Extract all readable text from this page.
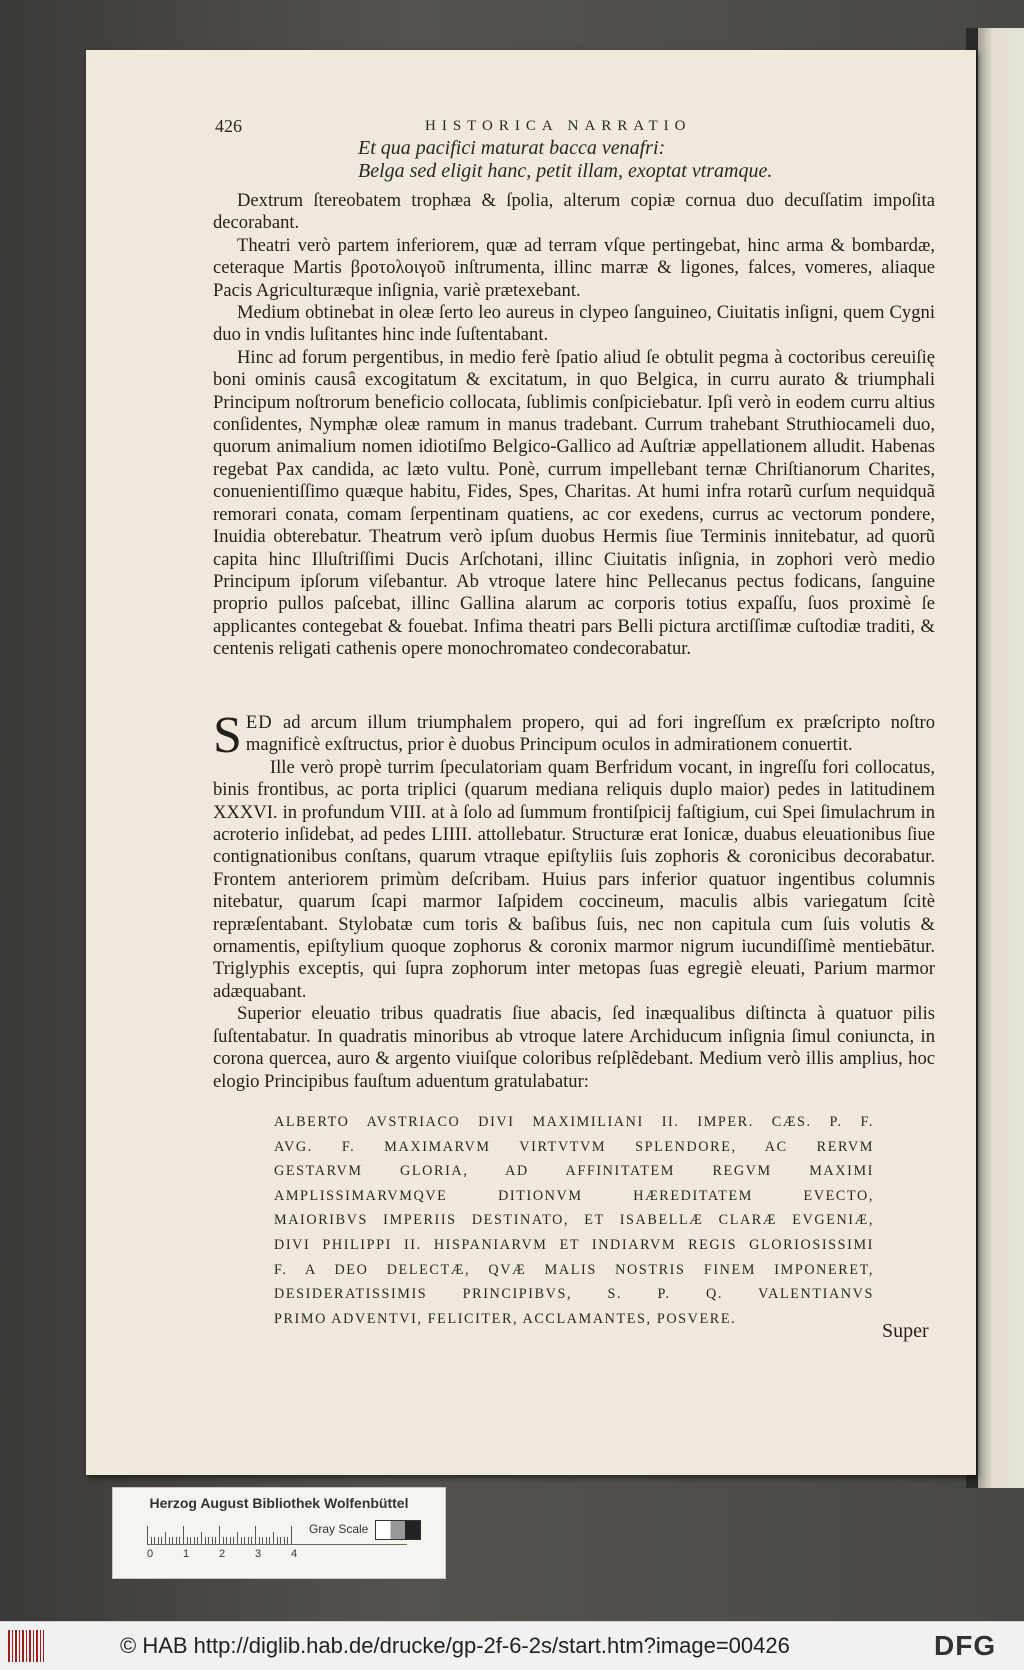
426	HISTORICA NARRATIO
Et qua pacifici maturat bacca venafri:
Belga sed eligit hanc, petit illam, exoptat vtramque.

Dextrum ſtereobatem trophæa & ſpolia, alterum copiæ cornua duo decuſſatim impoſita decorabant.

Theatri verò partem inferiorem, quæ ad terram vſque pertingebat, hinc arma & bombardæ, ceteraque Martis βροτολοιγοῦ inſtrumenta, illinc marræ & ligones, falces, vomeres, aliaque Pacis Agriculturæque inſignia, variè prætexebant.

Medium obtinebat in oleæ ſerto leo aureus in clypeo ſanguineo, Ciuitatis inſigni, quem Cygni duo in vndis luſitantes hinc inde ſuſtentabant.

Hinc ad forum pergentibus, in medio ferè ſpatio aliud ſe obtulit pegma à coctoribus cereuiſię boni ominis causâ excogitatum & excitatum, in quo Belgica, in curru aurato & triumphali Principum noſtrorum beneficio collocata, ſublimis conſpiciebatur. Ipſi verò in eodem curru altius conſidentes, Nymphæ oleæ ramum in manus tradebant. Currum trahebant Struthiocameli duo, quorum animalium nomen idiotiſmo Belgico-Gallico ad Auſtriæ appellationem alludit. Habenas regebat Pax candida, ac læto vultu. Ponè, currum impellebant ternæ Chriſtianorum Charites, conuenientiſſimo quæque habitu, Fides, Spes, Charitas. At humi infra rotarũ curſum nequidquã remorari conata, comam ſerpentinam quatiens, ac cor exedens, currus ac vectorum pondere, Inuidia obterebatur. Theatrum verò ipſum duobus Hermis ſiue Terminis innitebatur, ad quorũ capita hinc Illuſtriſſimi Ducis Arſchotani, illinc Ciuitatis inſignia, in zophori verò medio Principum ipſorum viſebantur. Ab vtroque latere hinc Pellecanus pectus fodicans, ſanguine proprio pullos paſcebat, illinc Gallina alarum ac corporis totius expaſſu, ſuos proximè ſe applicantes contegebat & fouebat. Infima theatri pars Belli pictura arctiſſimæ cuſtodiæ traditi, & centenis religati cathenis opere monochromateo condecorabatur.

SED ad arcum illum triumphalem propero, qui ad fori ingreſſum ex præſcripto noſtro magnificè exſtructus, prior è duobus Principum oculos in admirationem conuertit.

Ille verò propè turrim ſpeculatoriam quam Berfridum vocant, in ingreſſu fori collocatus, binis frontibus, ac porta triplici (quarum mediana reliquis duplo maior) pedes in latitudinem XXXVI. in profundum VIII. at à ſolo ad ſummum frontiſpicij faſtigium, cui Spei ſimulachrum in acroterio inſidebat, ad pedes LIIII. attollebatur. Structuræ erat Ionicæ, duabus eleuationibus ſiue contignationibus conſtans, quarum vtraque epiſtyliis ſuis zophoris & coronicibus decorabatur. Frontem anteriorem primùm deſcribam. Huius pars inferior quatuor ingentibus columnis nitebatur, quarum ſcapi marmor Iaſpidem coccineum, maculis albis variegatum ſcitè repræſentabant. Stylobatæ cum toris & baſibus ſuis, nec non capitula cum ſuis volutis & ornamentis, epiſtylium quoque zophorus & coronix marmor nigrum iucundiſſimè mentiebātur. Triglyphis exceptis, qui ſupra zophorum inter metopas ſuas egregiè eleuati, Parium marmor adæquabant.

Superior eleuatio tribus quadratis ſiue abacis, ſed inæqualibus diſtincta à quatuor pilis ſuſtentabatur. In quadratis minoribus ab vtroque latere Archiducum inſignia ſimul coniuncta, in corona quercea, auro & argento viuiſque coloribus reſplẽdebant. Medium verò illis amplius, hoc elogio Principibus fauſtum aduentum gratulabatur:

ALBERTO AVSTRIACO DIVI MAXIMILIANI II. IMPER. CÆS. P. F.
AVG. F. MAXIMARVM VIRTVTVM SPLENDORE, AC RERVM
GESTARVM GLORIA, AD AFFINITATEM REGVM MAXIMI
AMPLISSIMARVMQVE DITIONVM HÆREDITATEM EVECTO,
MAIORIBVS IMPERIIS DESTINATO, ET ISABELLÆ CLARÆ EVGENIÆ,
DIVI PHILIPPI II. HISPANIARVM ET INDIARVM REGIS GLORIOSISSIMI
F. A DEO DELECTÆ, QVÆ MALIS NOSTRIS FINEM IMPONERET,
DESIDERATISSIMIS PRINCIPIBVS, S. P. Q. VALENTIANVS
PRIMO ADVENTVI, FELICITER, ACCLAMANTES, POSVERE.
Super
Herzog August Bibliothek Wolfenbüttel
0	1	2	3	4
Gray Scale
© HAB http://diglib.hab.de/drucke/gp-2f-6-2s/start.htm?image=00426	DFG
